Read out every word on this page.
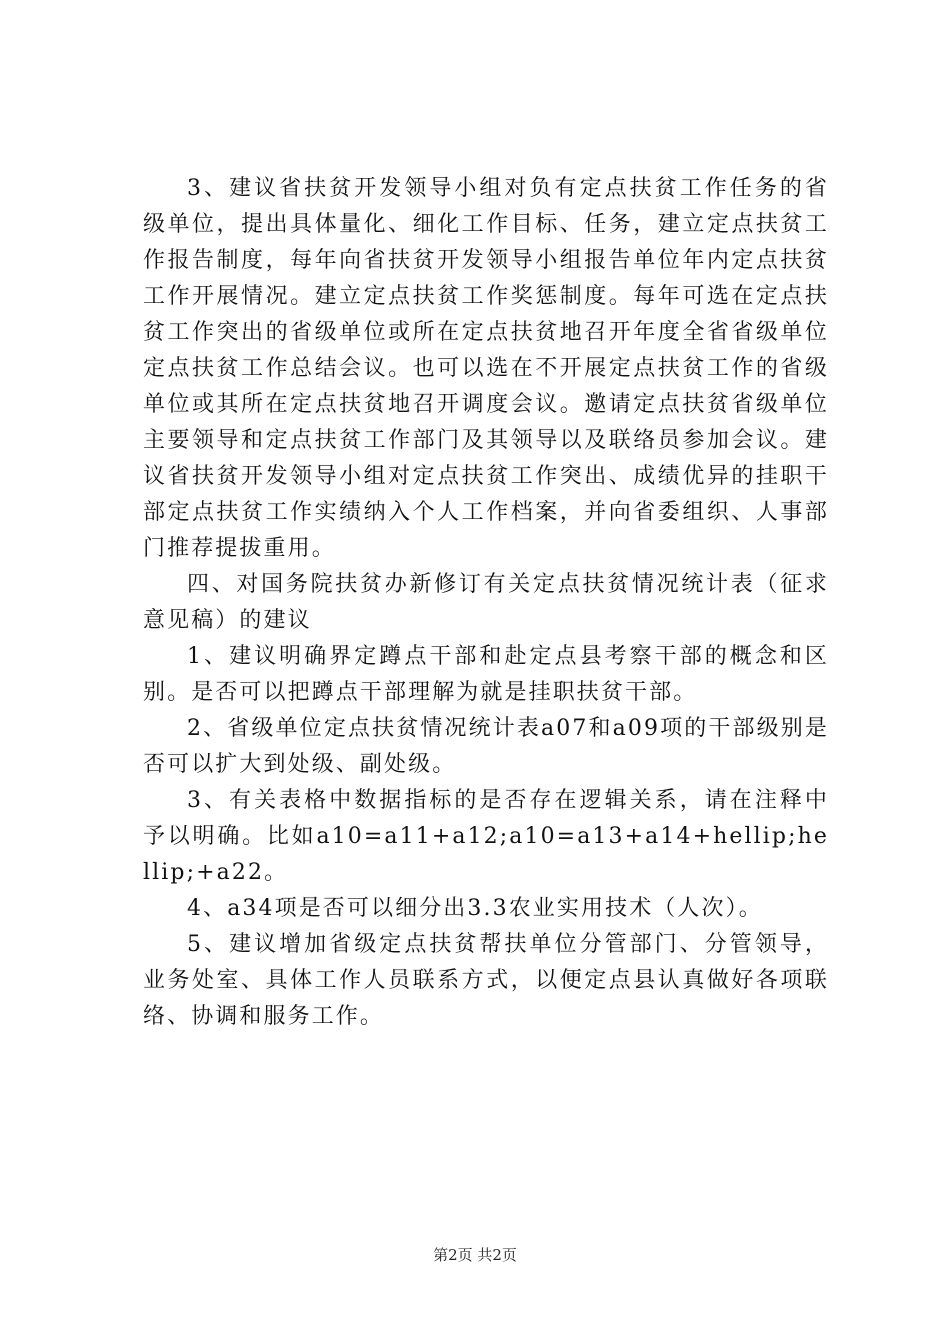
3、建议省扶贫开发领导小组对负有定点扶贫工作任务的省级单位，提出具体量化、细化工作目标、任务，建立定点扶贫工作报告制度，每年向省扶贫开发领导小组报告单位年内定点扶贫工作开展情况。建立定点扶贫工作奖惩制度。每年可选在定点扶贫工作突出的省级单位或所在定点扶贫地召开年度全省省级单位定点扶贫工作总结会议。也可以选在不开展定点扶贫工作的省级单位或其所在定点扶贫地召开调度会议。邀请定点扶贫省级单位主要领导和定点扶贫工作部门及其领导以及联络员参加会议。建议省扶贫开发领导小组对定点扶贫工作突出、成绩优异的挂职干部定点扶贫工作实绩纳入个人工作档案，并向省委组织、人事部门推荐提拔重用。

四、对国务院扶贫办新修订有关定点扶贫情况统计表（征求意见稿）的建议

1、建议明确界定蹲点干部和赴定点县考察干部的概念和区别。是否可以把蹲点干部理解为就是挂职扶贫干部。

2、省级单位定点扶贫情况统计表a07和a09项的干部级别是否可以扩大到处级、副处级。

3、有关表格中数据指标的是否存在逻辑关系，请在注释中予以明确。比如a10=a11+a12;a10=a13+a14+hellip;hellip;+a22。

4、a34项是否可以细分出3.3农业实用技术（人次）。

5、建议增加省级定点扶贫帮扶单位分管部门、分管领导，业务处室、具体工作人员联系方式，以便定点县认真做好各项联络、协调和服务工作。

第2页 共2页
